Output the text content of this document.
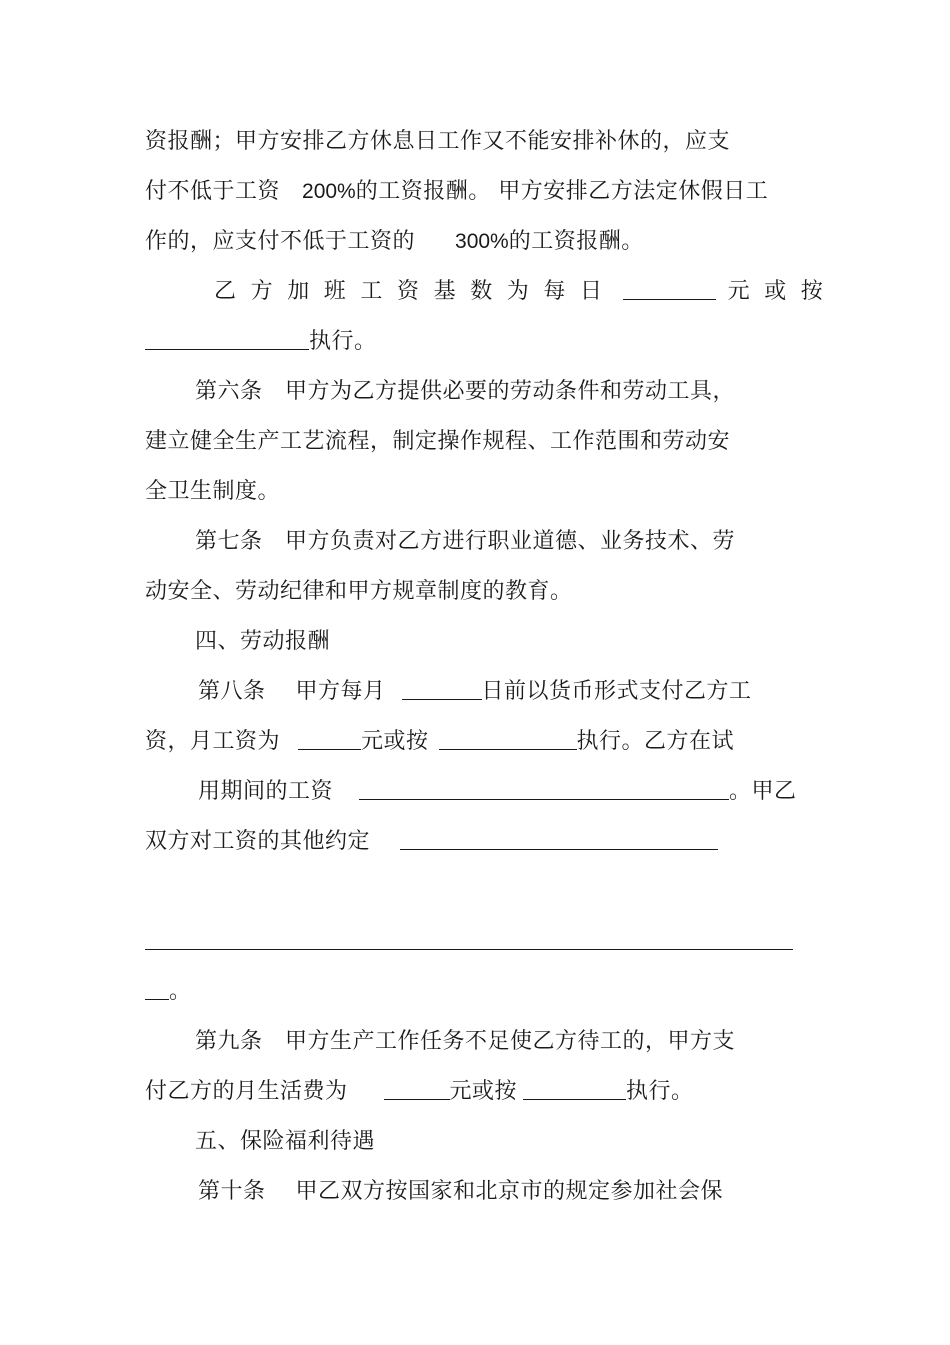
资报酬；甲方安排乙方休息日工作又不能安排补休的，应支
付不低于工资 200%的工资报酬。 甲方安排乙方法定休假日工
作的，应支付不低于工资的 300%的工资报酬。
乙方加班工资基数为每日	元或按
执行。
第六条　甲方为乙方提供必要的劳动条件和劳动工具，
建立健全生产工艺流程，制定操作规程、工作范围和劳动安
全卫生制度。
第七条　甲方负责对乙方进行职业道德、业务技术、劳
动安全、劳动纪律和甲方规章制度的教育。
四、劳动报酬
第八条　 甲方每月	日前以货币形式支付乙方工
资，月工资为	元或按	执行。乙方在试
用期间的工资	。甲乙
双方对工资的其他约定
。
第九条　甲方生产工作任务不足使乙方待工的，甲方支
付乙方的月生活费为	元或按	执行。
五、保险福利待遇
第十条　 甲乙双方按国家和北京市的规定参加社会保
